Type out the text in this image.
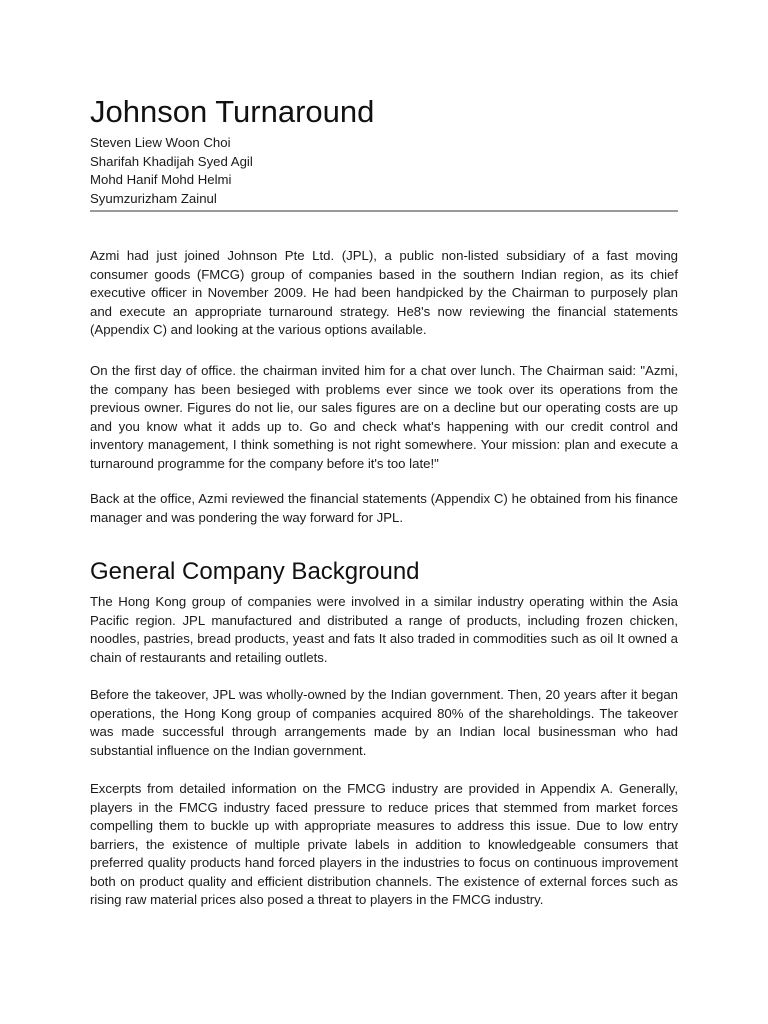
Johnson Turnaround
Steven Liew Woon Choi
Sharifah Khadijah Syed Agil
Mohd Hanif Mohd Helmi
Syumzurizham Zainul

Azmi had just joined Johnson Pte Ltd. (JPL), a public non-listed subsidiary of a fast moving consumer goods (FMCG) group of companies based in the southern Indian region, as its chief executive officer in November 2009. He had been handpicked by the Chairman to purposely plan and execute an appropriate turnaround strategy. He8's now reviewing the financial statements (Appendix C) and looking at the various options available.

On the first day of office. the chairman invited him for a chat over lunch. The Chairman said: "Azmi, the company has been besieged with problems ever since we took over its operations from the previous owner. Figures do not lie, our sales figures are on a decline but our operating costs are up and you know what it adds up to. Go and check what's happening with our credit control and inventory management, I think something is not right somewhere. Your mission: plan and execute a turnaround programme for the company before it's too late!"

Back at the office, Azmi reviewed the financial statements (Appendix C) he obtained from his finance manager and was pondering the way forward for JPL.

General Company Background

The Hong Kong group of companies were involved in a similar industry operating within the Asia Pacific region. JPL manufactured and distributed a range of products, including frozen chicken, noodles, pastries, bread products, yeast and fats It also traded in commodities such as oil It owned a chain of restaurants and retailing outlets.

Before the takeover, JPL was wholly-owned by the Indian government. Then, 20 years after it began operations, the Hong Kong group of companies acquired 80% of the shareholdings. The takeover was made successful through arrangements made by an Indian local businessman who had substantial influence on the Indian government.

Excerpts from detailed information on the FMCG industry are provided in Appendix A. Generally, players in the FMCG industry faced pressure to reduce prices that stemmed from market forces compelling them to buckle up with appropriate measures to address this issue. Due to low entry barriers, the existence of multiple private labels in addition to knowledgeable consumers that preferred quality products hand forced players in the industries to focus on continuous improvement both on product quality and efficient distribution channels. The existence of external forces such as rising raw material prices also posed a threat to players in the FMCG industry.
